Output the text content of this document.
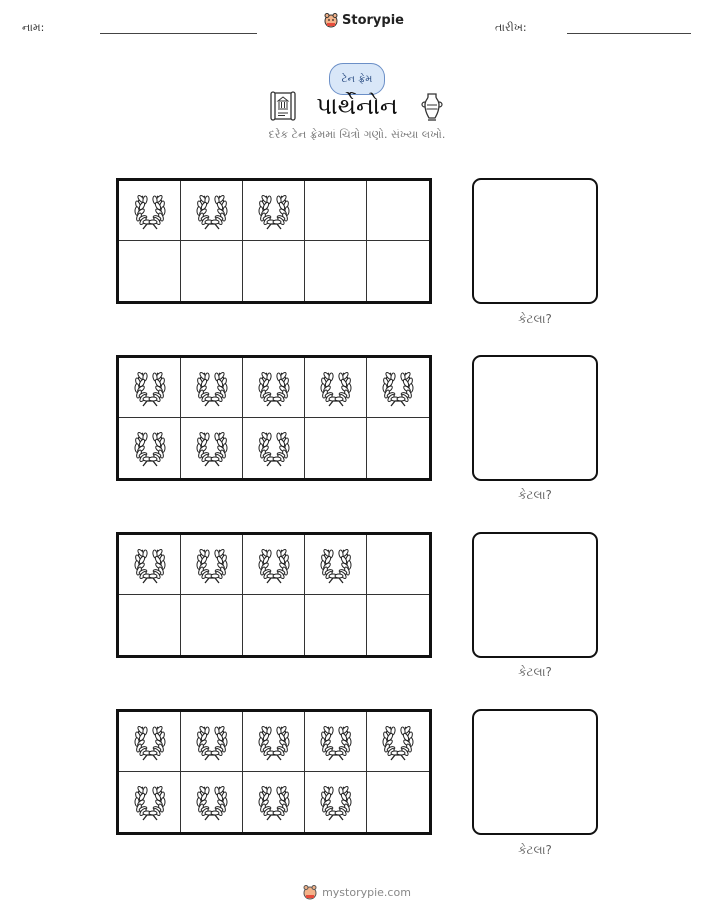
નામ:	Storypie	તારીખ:
ટેન ફ્રેમ
પાર્થેનોન
દરેક ટેન ફ્રેમમાં ચિત્રો ગણો. સંખ્યા લખો.
કેટલા?
કેટલા?
કેટલા?
કેટલા?
mystorypie.com
